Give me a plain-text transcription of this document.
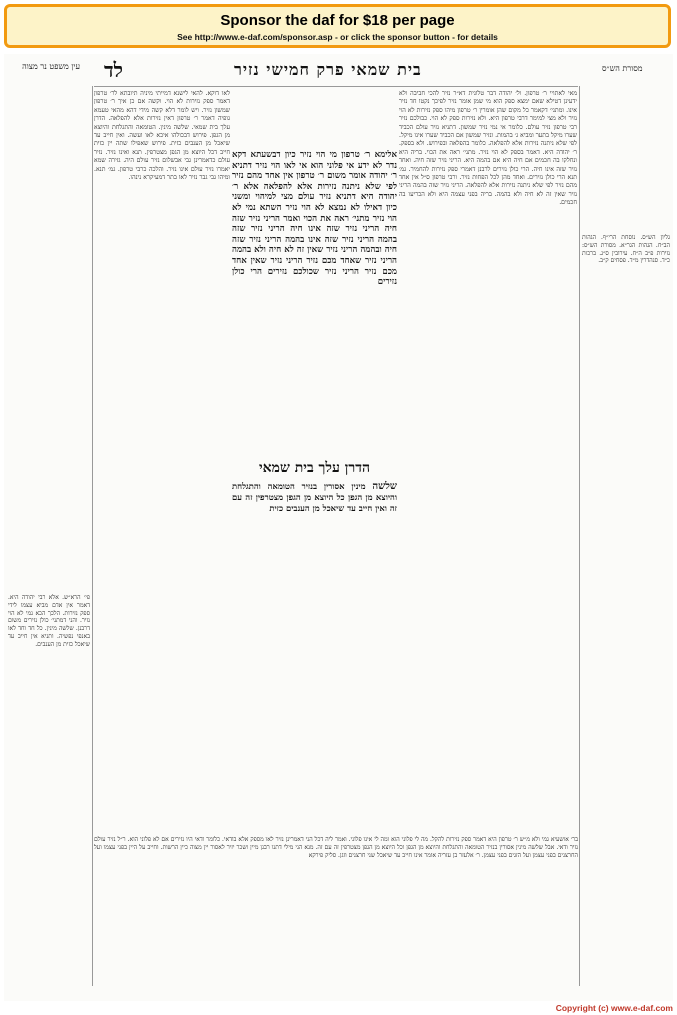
Sponsor the daf for $18 per page
See http://www.e-daf.com/sponsor.asp - or click the sponsor button - for details
בית שמאי פרק חמישי נזיר
לד	מסורת הש״ס
עין משפט נר מצוה
מאי לאתויי ר׳ טרפון. ול׳ יהודה דבר טלונית דא״ר נזיר להכי חביבה ולא ידעינן דטילא שאם ימצא ספק הוא מי שמן אומר נזיר לפיכך נקטו חד נזיר אינו. ומתני׳ דקאמר כל מקום שהן אומרין ר׳ טרפון מיהו ספק נזירות לא הוי נזיר ולא מצי למימר דרבי טרפון היא. ולא נזירות ספק לא הוי. כבולכם נזיר רבי טרפון נזיר עולם. כלומר אי נמי נזיר שמשון. דתניא נזיר עולם הכביד שערו מיקל בתער ומביא ג׳ בהמות. ונזיר שמשון אם הכביד שערו אינו מיקל. לפי שלא ניתנה נזירות אלא להפלאה. כלומר בהפלאה ובפירוש. ולא בספק. ר׳ יהודה היא. דאמר בספק לא הוי נזיר. מתני׳ ראה את הכוי. בריה היא ונחלקו בה חכמים אם חיה היא אם בהמה היא. הריני נזיר שזה חיה. ואחד נזיר שזה אינו חיה. הרי כולן נזירים לרבנן דאמרי ספק נזירות להחמיר. גמ׳ תנא הרי כולן נזירים. ואחד מהן לכל הפחות נזיר. ורבי טרפון ס״ל אין אחד מהם נזיר לפי שלא ניתנה נזירות אלא להפלאה. הריני נזיר שזה בהמה הריני נזיר שאין זה לא חיה ולא בהמה. בריה בפני עצמה היא ולא הכריעו בה חכמים.
אלימא ר׳ טרפון מי הוי נזיר כיון דבשעתא דקא נדר לא ידע אי פלוני הוא אי לאו הוי נזיר דתניא ר׳ יהודה אומר משום ר׳ טרפון אין אחד מהם נזיר לפי שלא ניתנה נזירות אלא להפלאה אלא ר׳ יהודה היא דתניא נזיר עולם מצי למיהוי ומשני כיון דאילו לא נמצא לא הוי נזיר השתא נמי לא הוי נזיר מתני׳ ראה את הכוי ואמר הריני נזיר שזה חיה הריני נזיר שזה אינו חיה הריני נזיר שזה בהמה הריני נזיר שזה אינו בהמה הריני נזיר שזה חיה ובהמה הריני נזיר שאין זה לא חיה ולא בהמה הריני נזיר שאחד מכם נזיר הריני נזיר שאין אחד מכם נזיר הריני נזיר שכולכם נזירים הרי כולן נזירים
הדרן עלך בית שמאי
שלשה מינין אסורין בנזיר הטומאה והתגלחת והיוצא מן הגפן כל היוצא מן הגפן מצטרפין זה עם זה ואין חייב עד שיאכל מן הענבים כזית
לאו דוקא. להאי לישנא דמייתי מיניה תיובתא לר׳ טרפון דאמר ספק נזירות לא הוי. וקשה אם כן איך ר׳ טרפון שמשון נזיר. ויש לומר דלא קשה מידי דהא מהאי טעמא גופיה דאמר ר׳ טרפון דאין נזירות אלא להפלאה. הדרן עלך בית שמאי. שלשה מינין. הטומאה והתגלחת והיוצא מן הגפן. פירוש דבכולהו איכא לאו ועשה. ואין חייב עד שיאכל מן הענבים כזית. פירוש שאפילו שתה יין כזית חייב דכל היוצא מן הגפן מצטרפין. תנא ואינו נזיר. נזיר עולם כדאמרינן גבי אבשלום נזיר עולם היה. גזירה שמא יאמרו נזיר עולם אינו נזיר. והלכה כרבי טרפון. גמ׳ תנא. ומיהו גבי גבר נזיר לאו בתר דמעיקרא נינהו.
בר׳ אושעיא גמי ולא מ״ש ר׳ טרפון היא דאמר ספק נזירות להקל. מה לי פלוני הוא ומה לי אינו פלוני. ואמר ליה דכל הני דאמרינן נזיר לאו מספק אלא בודאי. כלומר ודאי היו נזירים אם לא פלוני הוא. ר״ל נזיר עולם נזיר ודאי. אבל שלשה מינין אסורין בנזיר הטומאה והתגלחת והיוצא מן הגפן וכל היוצא מן הגפן מצטרפין זה עם זה. מנא הני מילי דתנו רבנן מיין ושכר יזיר לאסור יין מצוה כיין הרשות. וחייב על היין בפני עצמו ועל החרצנים בפני עצמן ועל הזגים בפני עצמן. ר׳ אלעזר בן עזריה אומר אינו חייב עד שיאכל שני חרצנים וזגן. סליק פירקא
גליון הש״ס. נוסחת הרי״ף. הגהות הב״ח. הגהות הגר״א. מסורת הש״ס: נזירות פ״ב ה״ח. עירובין ס״ג. ברכות כ״ד. סנהדרין מ״ד. פסחים ק״ב.
פי׳ הרא״ש. אלא רבי יהודה היא. דאמר אין אדם מביא עצמו לידי ספק נזירות. הלכך הכא נמי לא הוי נזיר. והני דמתני׳ כולן נזירים משום דרבנן. שלשה מינין. כל חד וחד לאו באנפי נפשיה. ותניא אין חייב עד שיאכל כזית מן הענבים.
Copyright (c) www.e-daf.com
